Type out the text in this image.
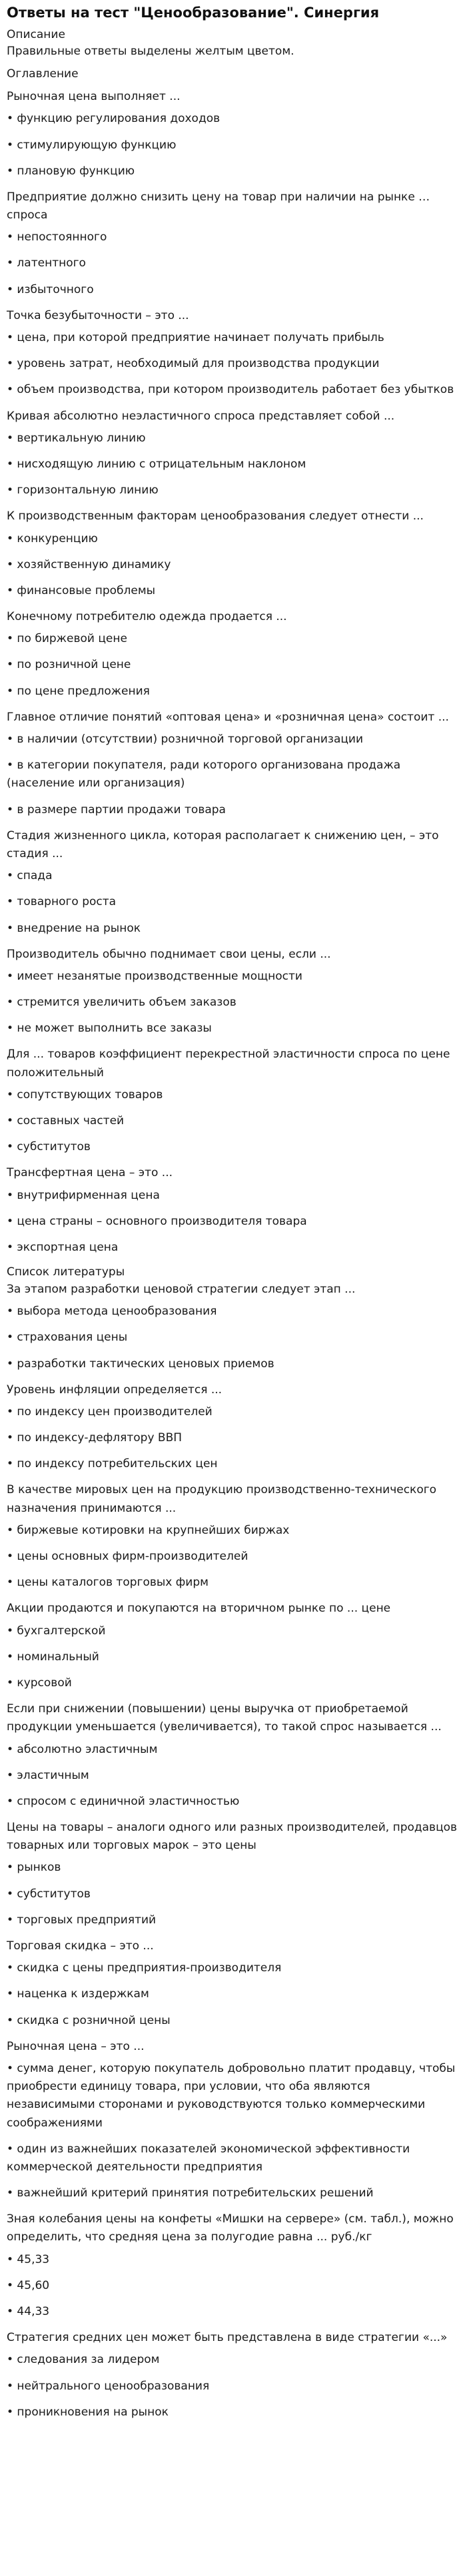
Ответы на тест "Ценообразование". Синергия

Описание

Правильные ответы выделены желтым цветом.

Оглавление

Рыночная цена выполняет ...

• функцию регулирования доходов

• стимулирующую функцию

• плановую функцию

Предприятие должно снизить цену на товар при наличии на рынке … спроса

• непостоянного

• латентного

• избыточного

Точка безубыточности – это ...

• цена, при которой предприятие начинает получать прибыль

• уровень затрат, необходимый для производства продукции

• объем производства, при котором производитель работает без убытков

Кривая абсолютно неэластичного спроса представляет собой ...

• вертикальную линию

• нисходящую линию с отрицательным наклоном

• горизонтальную линию

К производственным факторам ценообразования следует отнести ...

• конкуренцию

• хозяйственную динамику

• финансовые проблемы

Конечному потребителю одежда продается ...

• по биржевой цене

• по розничной цене

• по цене предложения

Главное отличие понятий «оптовая цена» и «розничная цена» состоит ...

• в наличии (отсутствии) розничной торговой организации

• в категории покупателя, ради которого организована продажа (население или организация)

• в размере партии продажи товара

Стадия жизненного цикла, которая располагает к снижению цен, – это стадия ...

• спада

• товарного роста

• внедрение на рынок

Производитель обычно поднимает свои цены, если ...

• имеет незанятые производственные мощности

• стремится увеличить объем заказов

• не может выполнить все заказы

Для ... товаров коэффициент перекрестной эластичности спроса по цене положительный

• сопутствующих товаров

• составных частей

• субститутов

Трансфертная цена – это ...

• внутрифирменная цена

• цена страны – основного производителя товара

• экспортная цена

Список литературы

За этапом разработки ценовой стратегии следует этап ...

• выбора метода ценообразования

• страхования цены

• разработки тактических ценовых приемов

Уровень инфляции определяется ...

• по индексу цен производителей

• по индексу-дефлятору ВВП

• по индексу потребительских цен

В качестве мировых цен на продукцию производственно-технического назначения принимаются ...

• биржевые котировки на крупнейших биржах

• цены основных фирм-производителей

• цены каталогов торговых фирм

Акции продаются и покупаются на вторичном рынке по ... цене

• бухгалтерской

• номинальный

• курсовой

Если при снижении (повышении) цены выручка от приобретаемой продукции уменьшается (увеличивается), то такой спрос называется ...

• абсолютно эластичным

• эластичным

• спросом с единичной эластичностью

Цены на товары – аналоги одного или разных производителей, продавцов товарных или торговых марок – это цены

• рынков

• субститутов

• торговых предприятий

Торговая скидка – это ...

• скидка с цены предприятия-производителя

• наценка к издержкам

• скидка с розничной цены

Рыночная цена – это ...

• сумма денег, которую покупатель добровольно платит продавцу, чтобы приобрести единицу товара, при условии, что оба являются независимыми сторонами и руководствуются только коммерческими соображениями

• один из важнейших показателей экономической эффективности коммерческой деятельности предприятия

• важнейший критерий принятия потребительских решений

Зная колебания цены на конфеты «Мишки на сервере» (см. табл.), можно определить, что средняя цена за полугодие равна ... руб./кг

• 45,33

• 45,60

• 44,33

Стратегия средних цен может быть представлена в виде стратегии «...»

• следования за лидером

• нейтрального ценообразования

• проникновения на рынок
